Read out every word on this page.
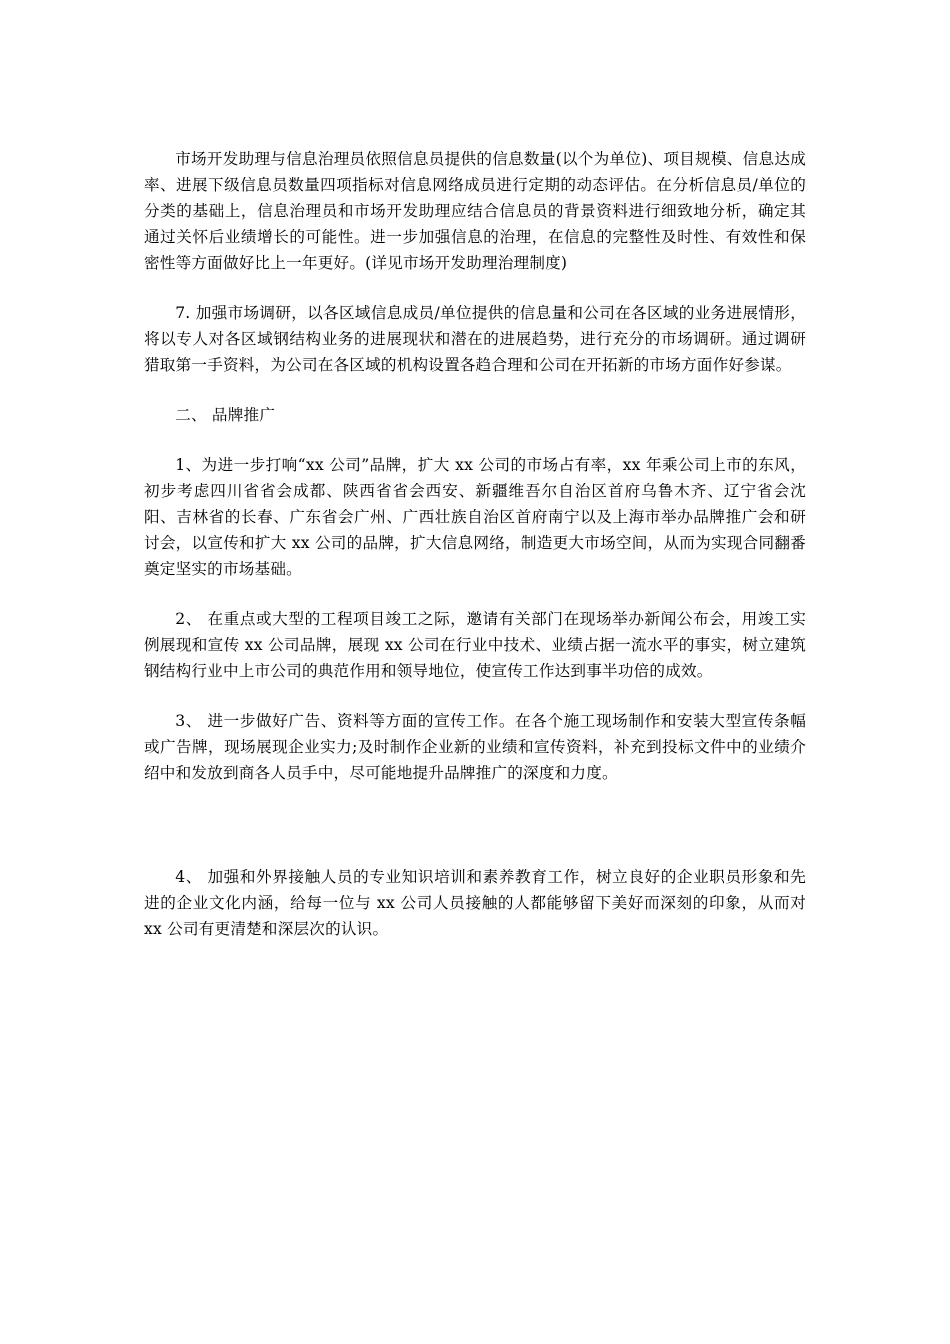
市场开发助理与信息治理员依照信息员提供的信息数量(以个为单位)、项目规模、信息达成率、进展下级信息员数量四项指标对信息网络成员进行定期的动态评估。在分析信息员/单位的分类的基础上，信息治理员和市场开发助理应结合信息员的背景资料进行细致地分析，确定其通过关怀后业绩增长的可能性。进一步加强信息的治理，在信息的完整性及时性、有效性和保密性等方面做好比上一年更好。(详见市场开发助理治理制度)

7. 加强市场调研，以各区域信息成员/单位提供的信息量和公司在各区域的业务进展情形，将以专人对各区域钢结构业务的进展现状和潜在的进展趋势，进行充分的市场调研。通过调研猎取第一手资料，为公司在各区域的机构设置各趋合理和公司在开拓新的市场方面作好参谋。

二、 品牌推广

1、为进一步打响“xx 公司”品牌，扩大 xx 公司的市场占有率，xx 年乘公司上市的东风，初步考虑四川省省会成都、陕西省省会西安、新疆维吾尔自治区首府乌鲁木齐、辽宁省会沈阳、吉林省的长春、广东省会广州、广西壮族自治区首府南宁以及上海市举办品牌推广会和研讨会，以宣传和扩大 xx 公司的品牌，扩大信息网络，制造更大市场空间，从而为实现合同翻番奠定坚实的市场基础。

2、 在重点或大型的工程项目竣工之际，邀请有关部门在现场举办新闻公布会，用竣工实例展现和宣传 xx 公司品牌，展现 xx 公司在行业中技术、业绩占据一流水平的事实，树立建筑钢结构行业中上市公司的典范作用和领导地位，使宣传工作达到事半功倍的成效。

3、 进一步做好广告、资料等方面的宣传工作。在各个施工现场制作和安装大型宣传条幅或广告牌，现场展现企业实力;及时制作企业新的业绩和宣传资料，补充到投标文件中的业绩介绍中和发放到商各人员手中，尽可能地提升品牌推广的深度和力度。

4、 加强和外界接触人员的专业知识培训和素养教育工作，树立良好的企业职员形象和先进的企业文化内涵，给每一位与 xx 公司人员接触的人都能够留下美好而深刻的印象，从而对 xx 公司有更清楚和深层次的认识。
